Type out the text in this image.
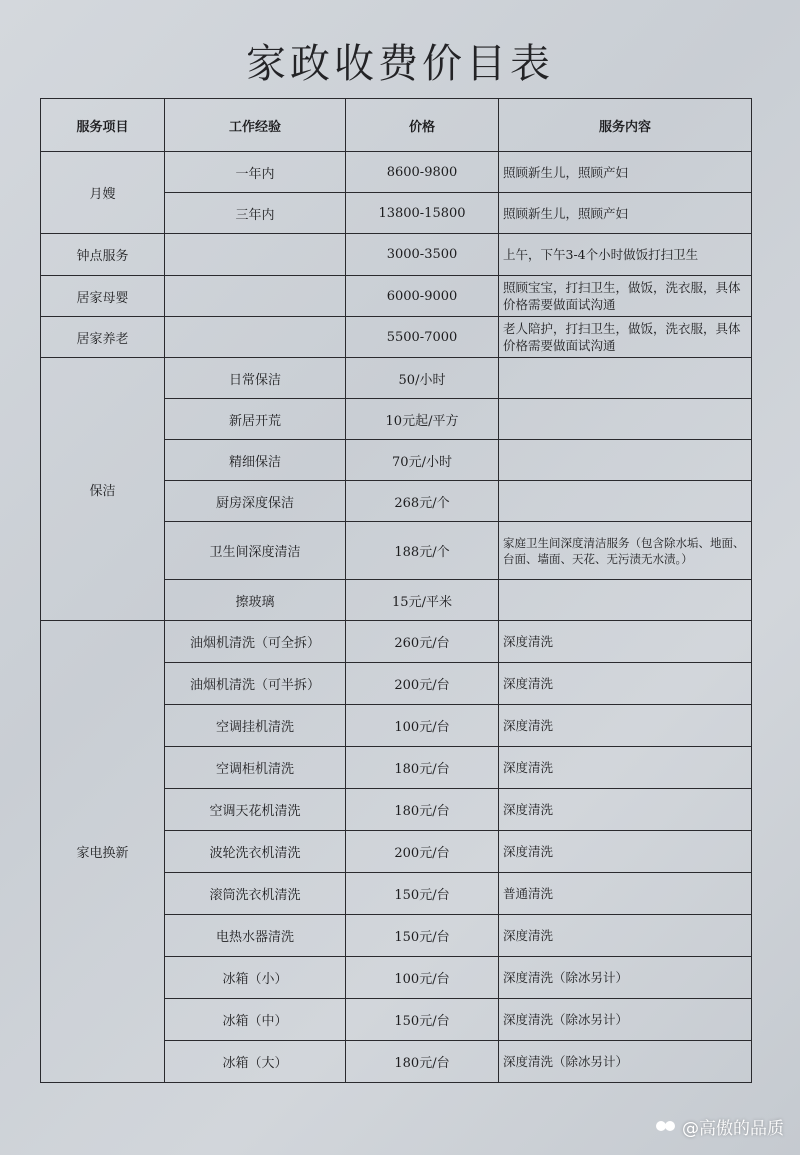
家政收费价目表
服务项目	工作经验	价格	服务内容
月嫂	一年内	8600-9800	照顾新生儿，照顾产妇
	三年内	13800-15800	照顾新生儿，照顾产妇
钟点服务		3000-3500	上午，下午3-4个小时做饭打扫卫生
居家母婴		6000-9000	照顾宝宝，打扫卫生，做饭，洗衣服，具体价格需要做面试沟通
居家养老		5500-7000	老人陪护，打扫卫生，做饭，洗衣服，具体价格需要做面试沟通
保洁	日常保洁	50/小时	
	新居开荒	10元起/平方	
	精细保洁	70元/小时	
	厨房深度保洁	268元/个	
	卫生间深度清洁	188元/个	家庭卫生间深度清洁服务（包含除水垢、地面、台面、墙面、天花、无污渍无水渍。）
	擦玻璃	15元/平米	
家电换新	油烟机清洗（可全拆）	260元/台	深度清洗
	油烟机清洗（可半拆）	200元/台	深度清洗
	空调挂机清洗	100元/台	深度清洗
	空调柜机清洗	180元/台	深度清洗
	空调天花机清洗	180元/台	深度清洗
	波轮洗衣机清洗	200元/台	深度清洗
	滚筒洗衣机清洗	150元/台	普通清洗
	电热水器清洗	150元/台	深度清洗
	冰箱（小）	100元/台	深度清洗（除冰另计）
	冰箱（中）	150元/台	深度清洗（除冰另计）
	冰箱（大）	180元/台	深度清洗（除冰另计）
@高傲的品质
